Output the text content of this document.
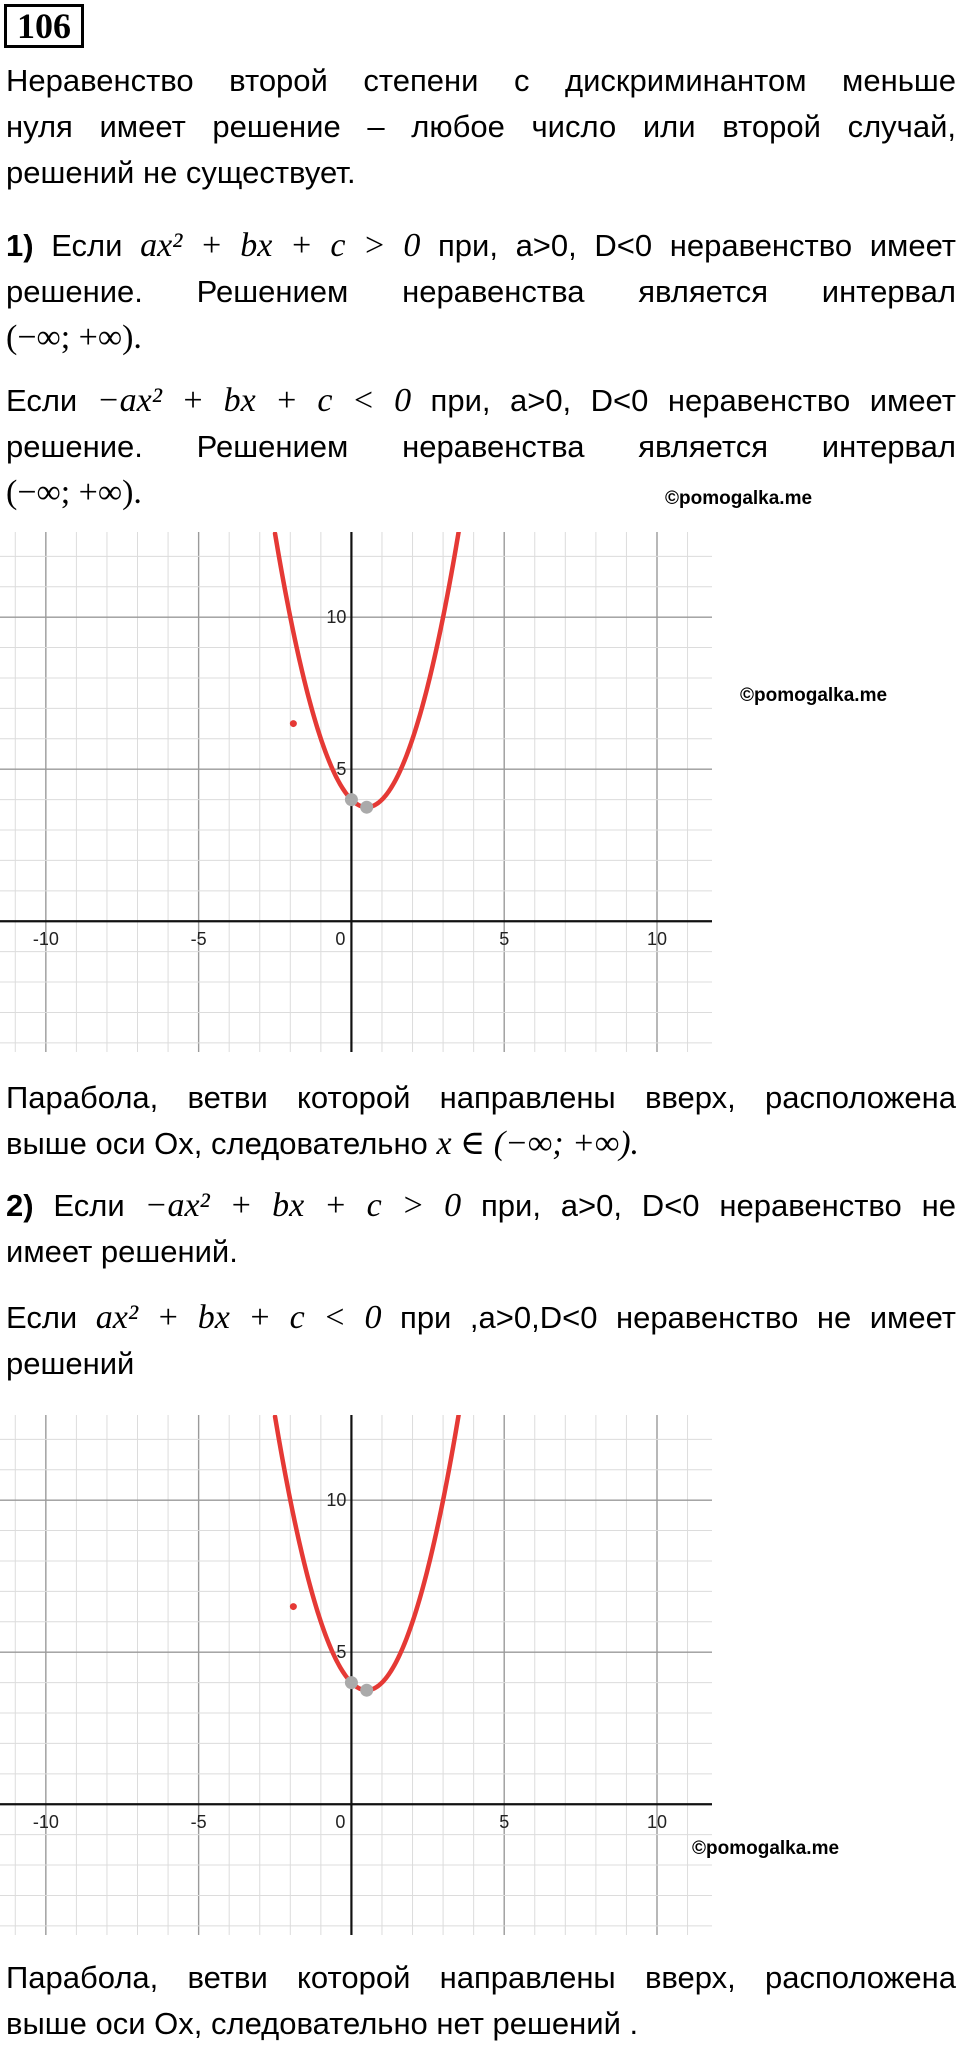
106
Неравенство второй степени с дискриминантом меньше
нуля имеет решение – любое число или второй случай,
решений не существует.
1) Если ax² + bx + c > 0 при, a>0, D<0 неравенство имеет
решение. Решением неравенства является интервал
(−∞; +∞).
Если −ax² + bx + c < 0 при, a>0, D<0 неравенство имеет
решение. Решением неравенства является интервал
(−∞; +∞).	©pomogalka.me
©pomogalka.me
-10	-5	0	5	10
10
5
Парабола, ветви которой направлены вверх, расположена
выше оси Ox, следовательно x ∈ (−∞; +∞).
2) Если −ax² + bx + c > 0 при, a>0, D<0 неравенство не
имеет решений.
Если ax² + bx + c < 0 при ,a>0,D<0 неравенство не имеет
решений
-10	-5	0	5	10
10
5
©pomogalka.me
Парабола, ветви которой направлены вверх, расположена
выше оси Ox, следовательно нет решений .
